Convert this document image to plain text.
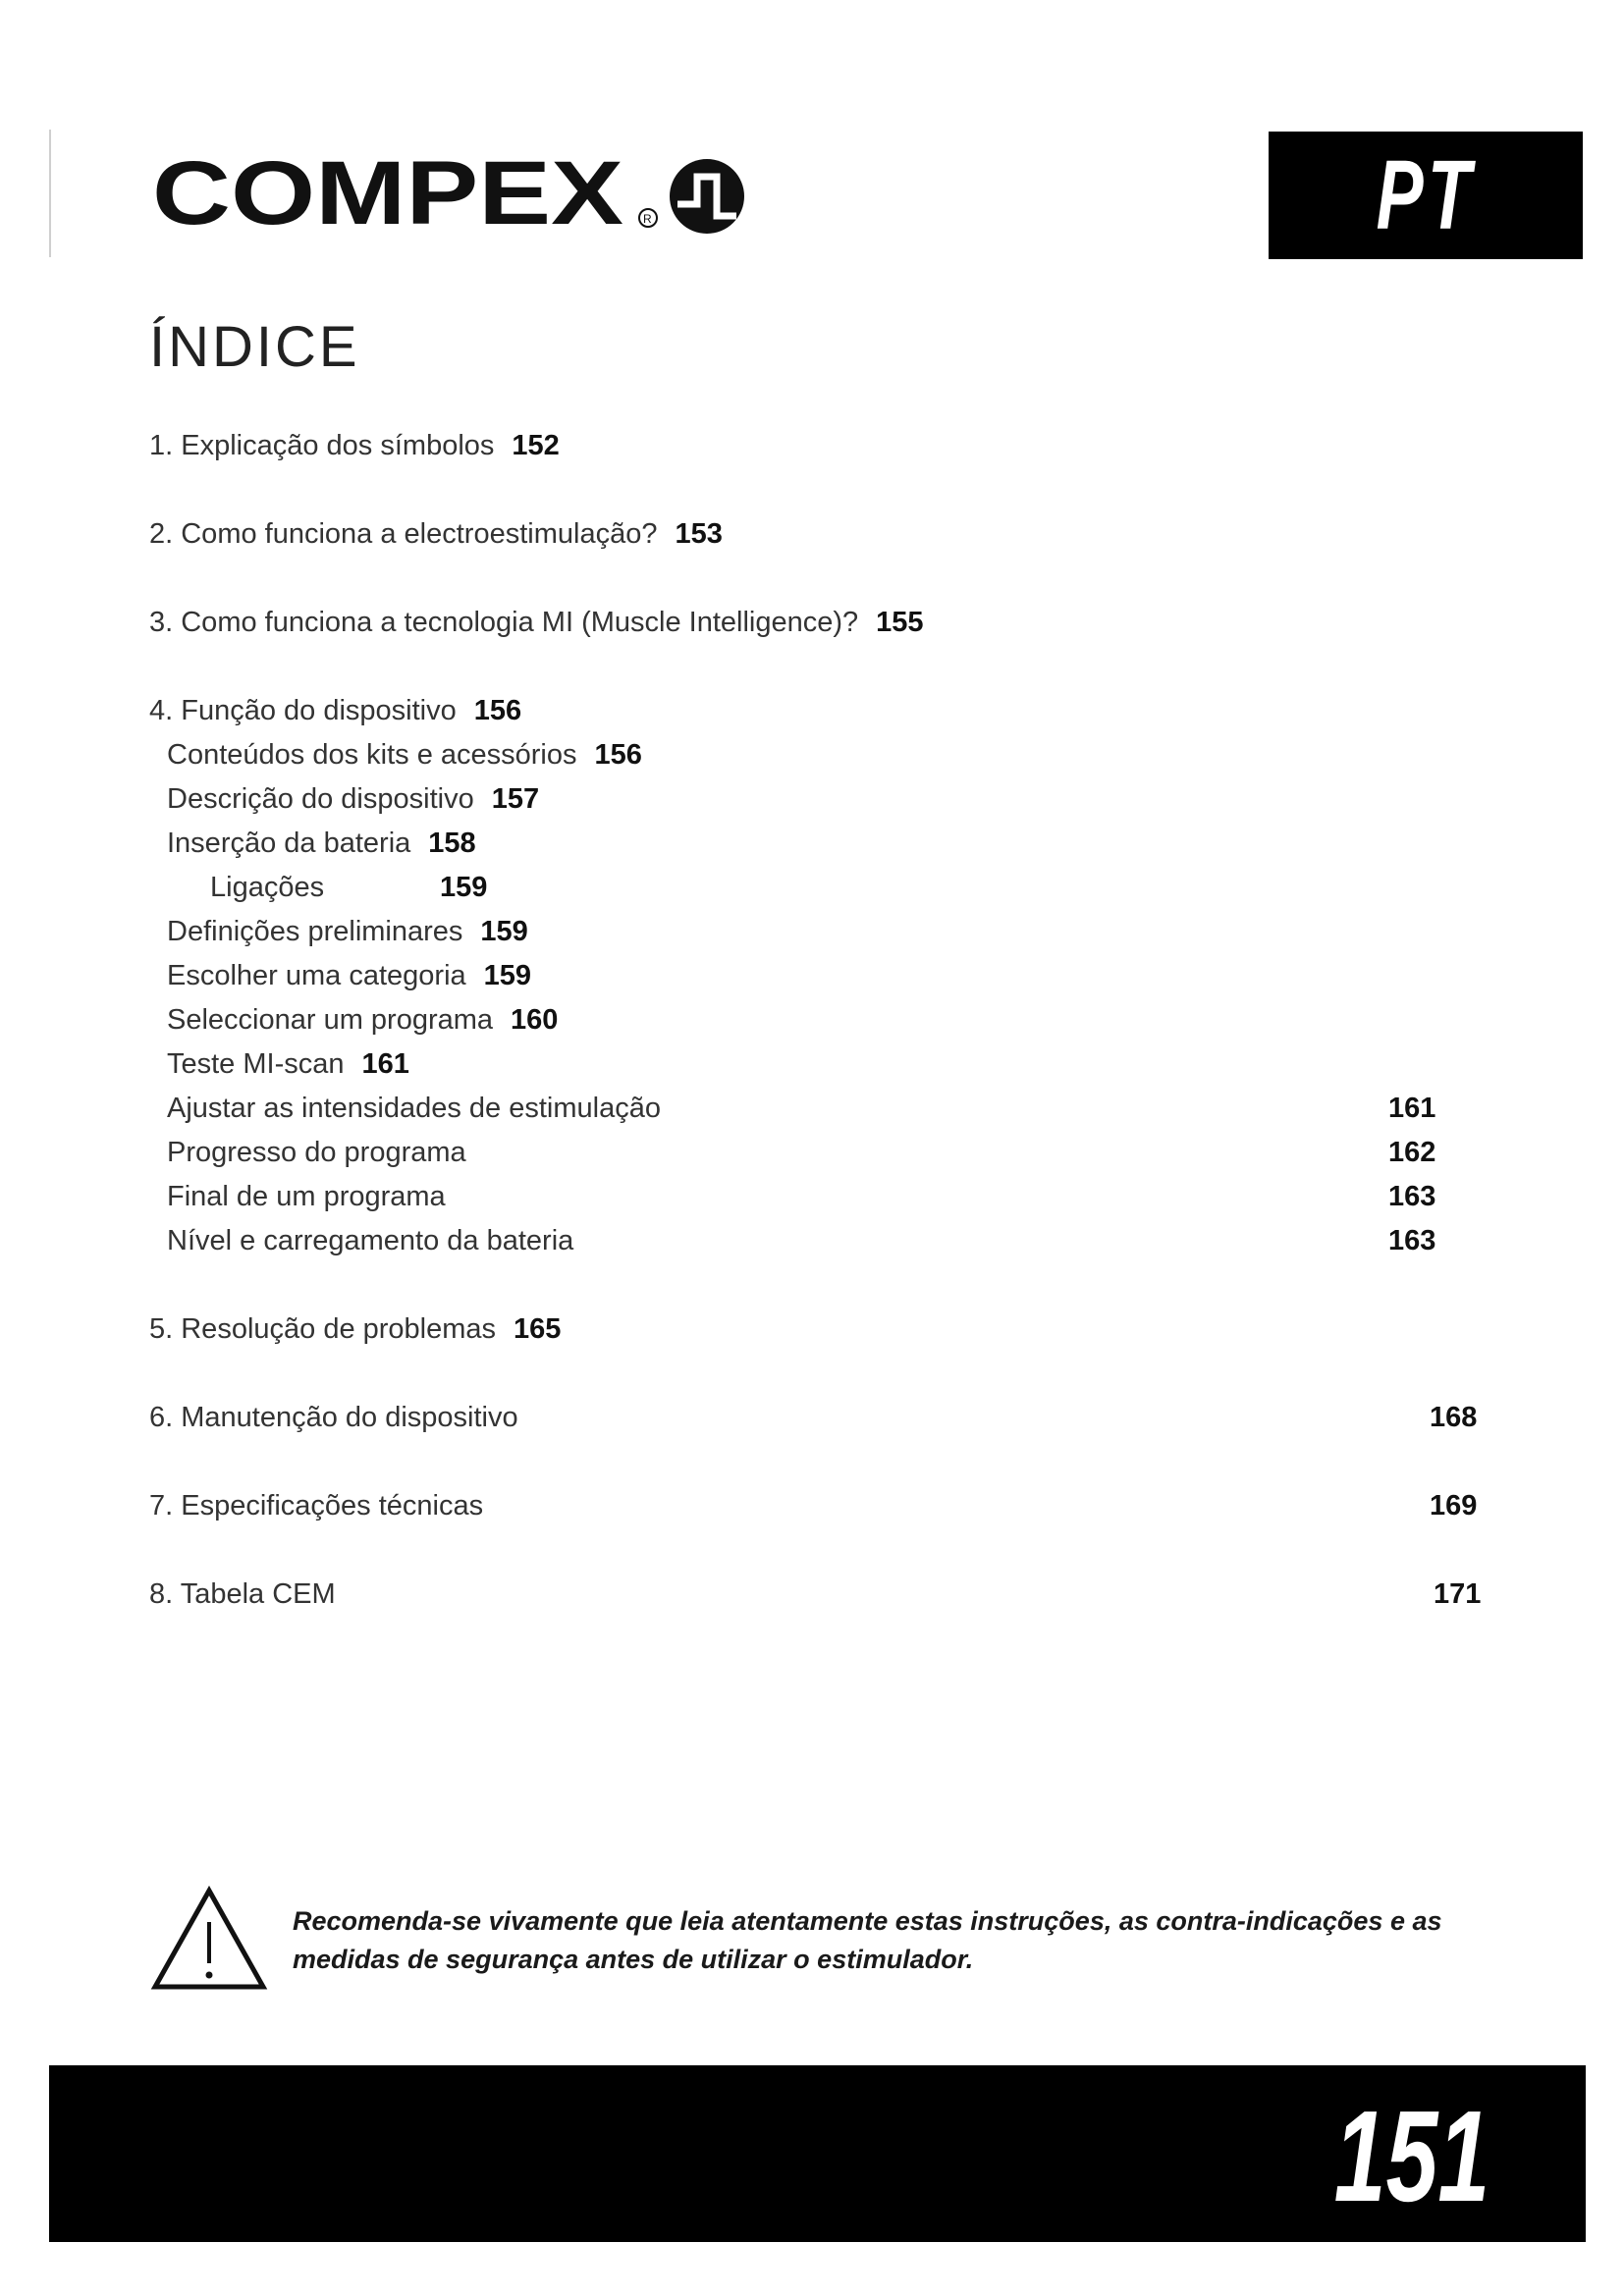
COMPEX R	PT
ÍNDICE
1. Explicação dos símbolos 152
2. Como funciona a electroestimulação? 153
3. Como funciona a tecnologia MI (Muscle Intelligence)? 155
4. Função do dispositivo 156
Conteúdos dos kits e acessórios 156
Descrição do dispositivo 157
Inserção da bateria 158
Ligações	159
Definições preliminares 159
Escolher uma categoria 159
Seleccionar um programa 160
Teste MI-scan 161
Ajustar as intensidades de estimulação	161
Progresso do programa	162
Final de um programa	163
Nível e carregamento da bateria	163
5. Resolução de problemas 165
6. Manutenção do dispositivo	168
7. Especificações técnicas	169
8. Tabela CEM	171

Recomenda-se vivamente que leia atentamente estas instruções, as contra-indicações e as medidas de segurança antes de utilizar o estimulador.

151
